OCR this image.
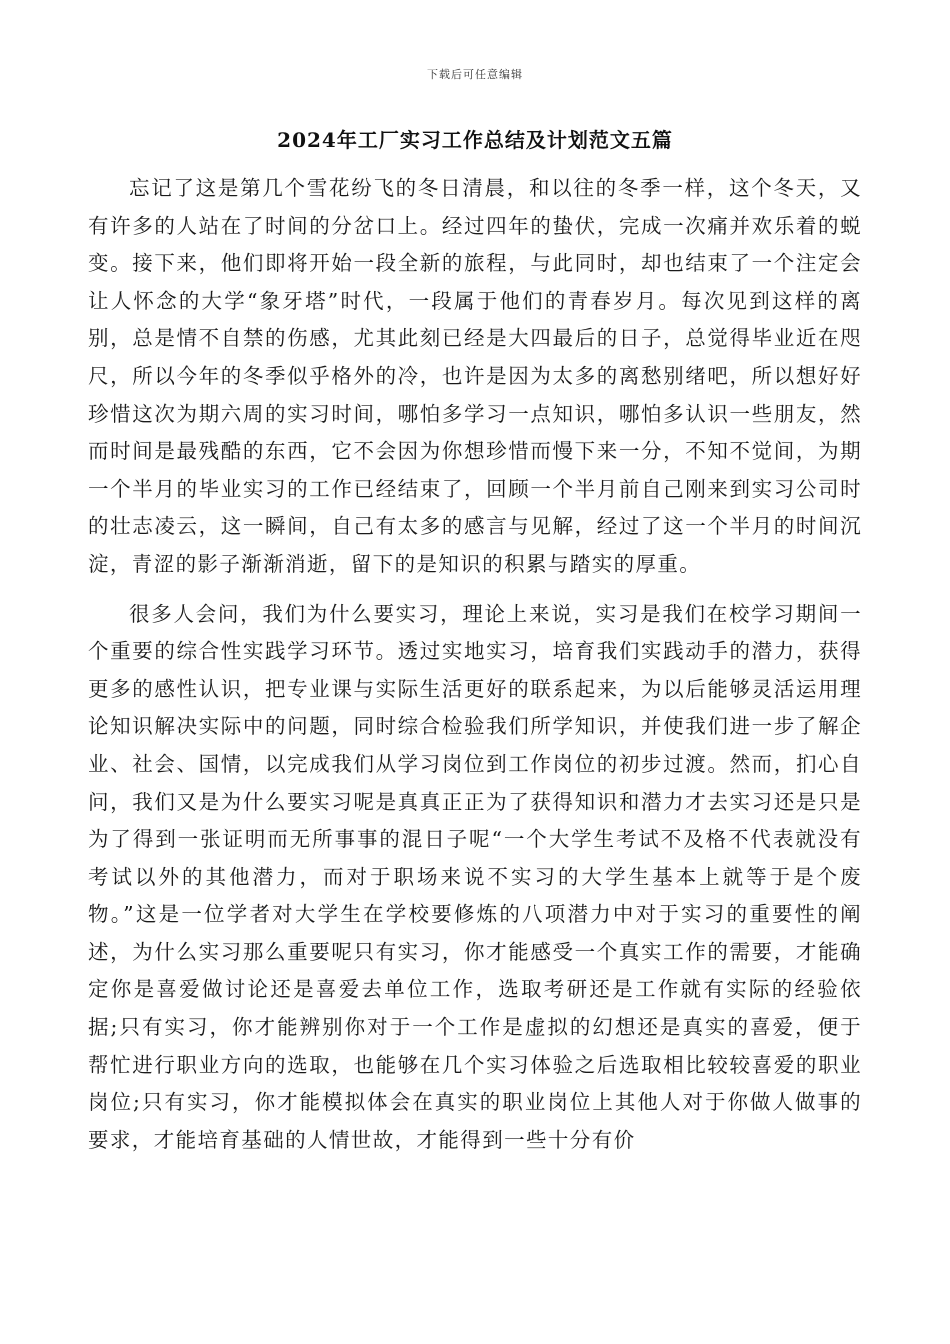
下载后可任意编辑
2024年工厂实习工作总结及计划范文五篇

忘记了这是第几个雪花纷飞的冬日清晨，和以往的冬季一样，这个冬天，又有许多的人站在了时间的分岔口上。经过四年的蛰伏，完成一次痛并欢乐着的蜕变。接下来，他们即将开始一段全新的旅程，与此同时，却也结束了一个注定会让人怀念的大学“象牙塔”时代，一段属于他们的青春岁月。每次见到这样的离别，总是情不自禁的伤感，尤其此刻已经是大四最后的日子，总觉得毕业近在咫尺，所以今年的冬季似乎格外的冷，也许是因为太多的离愁别绪吧，所以想好好珍惜这次为期六周的实习时间，哪怕多学习一点知识，哪怕多认识一些朋友，然而时间是最残酷的东西，它不会因为你想珍惜而慢下来一分，不知不觉间，为期一个半月的毕业实习的工作已经结束了，回顾一个半月前自己刚来到实习公司时的壮志凌云，这一瞬间，自己有太多的感言与见解，经过了这一个半月的时间沉淀，青涩的影子渐渐消逝，留下的是知识的积累与踏实的厚重。

很多人会问，我们为什么要实习，理论上来说，实习是我们在校学习期间一个重要的综合性实践学习环节。透过实地实习，培育我们实践动手的潜力，获得更多的感性认识，把专业课与实际生活更好的联系起来，为以后能够灵活运用理论知识解决实际中的问题，同时综合检验我们所学知识，并使我们进一步了解企业、社会、国情，以完成我们从学习岗位到工作岗位的初步过渡。然而，扪心自问，我们又是为什么要实习呢是真真正正为了获得知识和潜力才去实习还是只是为了得到一张证明而无所事事的混日子呢“一个大学生考试不及格不代表就没有考试以外的其他潜力，而对于职场来说不实习的大学生基本上就等于是个废物。”这是一位学者对大学生在学校要修炼的八项潜力中对于实习的重要性的阐述，为什么实习那么重要呢只有实习，你才能感受一个真实工作的需要，才能确定你是喜爱做讨论还是喜爱去单位工作，选取考研还是工作就有实际的经验依据;只有实习，你才能辨别你对于一个工作是虚拟的幻想还是真实的喜爱，便于帮忙进行职业方向的选取，也能够在几个实习体验之后选取相比较较喜爱的职业岗位;只有实习，你才能模拟体会在真实的职业岗位上其他人对于你做人做事的要求，才能培育基础的人情世故，才能得到一些十分有价
